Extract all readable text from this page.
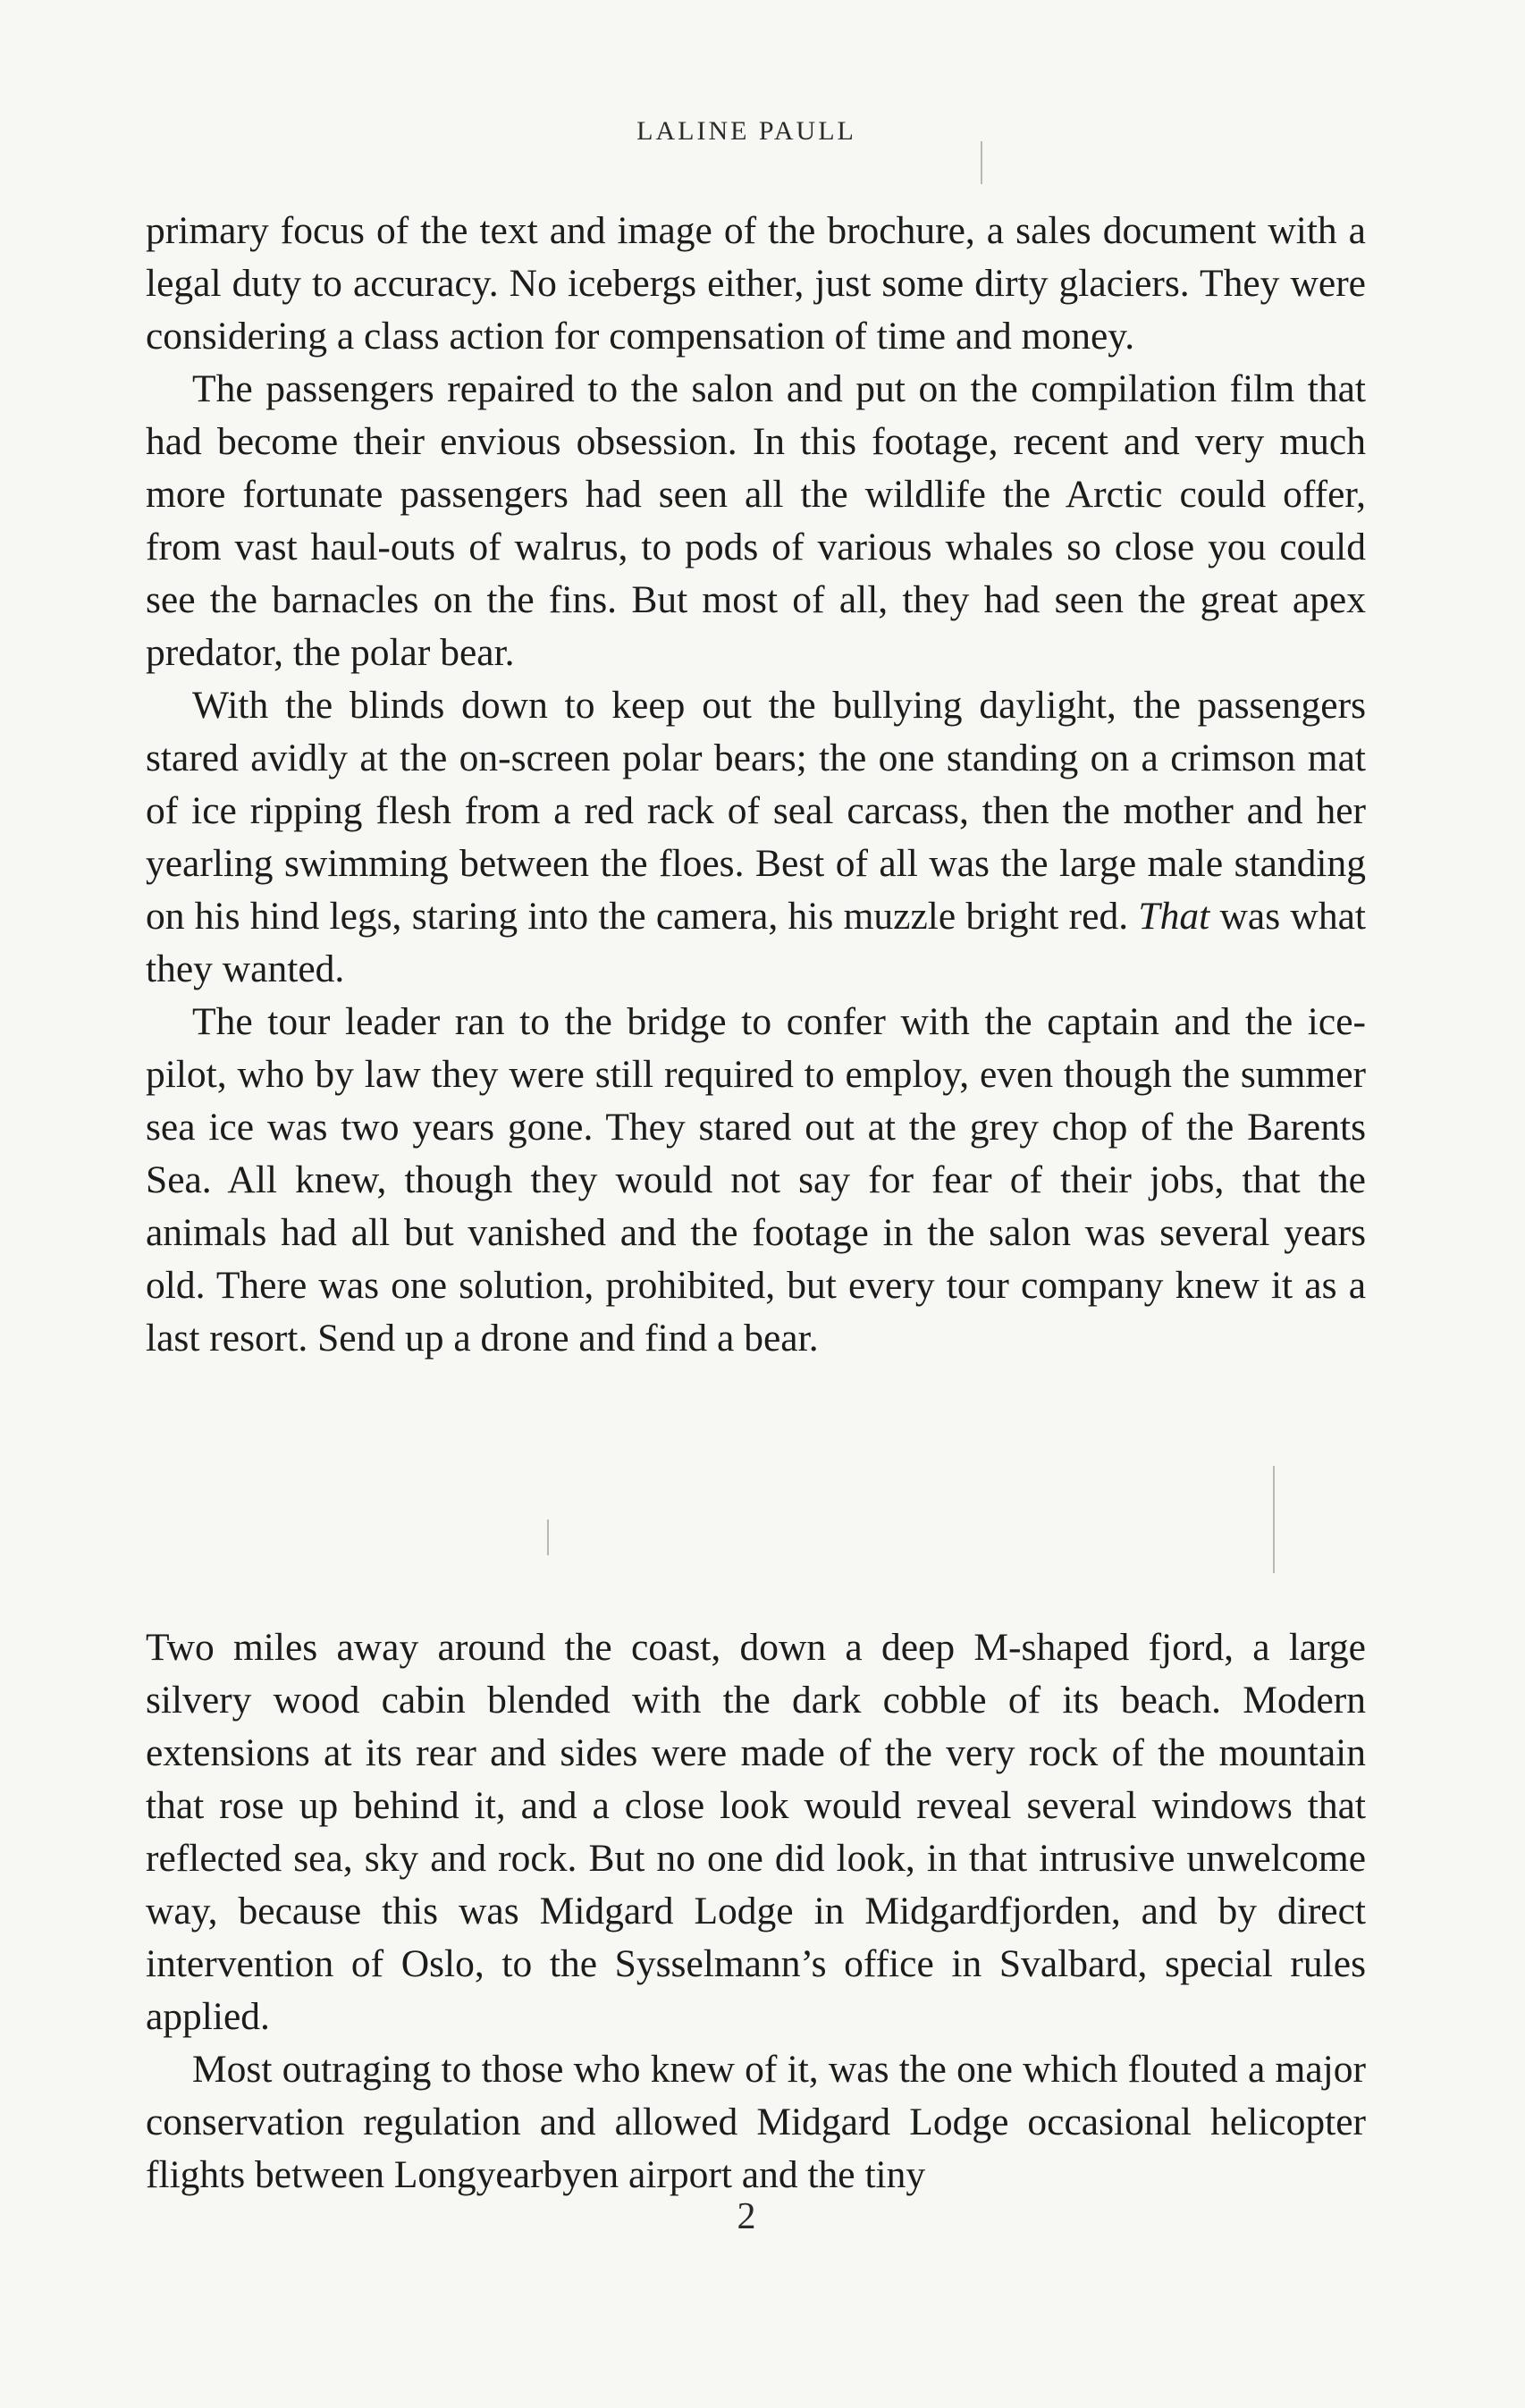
LALINE PAULL

primary focus of the text and image of the brochure, a sales document with a legal duty to accuracy. No icebergs either, just some dirty glaciers. They were considering a class action for compensation of time and money.

The passengers repaired to the salon and put on the compilation film that had become their envious obsession. In this footage, recent and very much more fortunate passengers had seen all the wildlife the Arctic could offer, from vast haul-outs of walrus, to pods of various whales so close you could see the barnacles on the fins. But most of all, they had seen the great apex predator, the polar bear.

With the blinds down to keep out the bullying daylight, the passengers stared avidly at the on-screen polar bears; the one standing on a crimson mat of ice ripping flesh from a red rack of seal carcass, then the mother and her yearling swimming between the floes. Best of all was the large male standing on his hind legs, staring into the camera, his muzzle bright red. That was what they wanted.

The tour leader ran to the bridge to confer with the captain and the ice-pilot, who by law they were still required to employ, even though the summer sea ice was two years gone. They stared out at the grey chop of the Barents Sea. All knew, though they would not say for fear of their jobs, that the animals had all but vanished and the footage in the salon was several years old. There was one solution, prohibited, but every tour company knew it as a last resort. Send up a drone and find a bear.

Two miles away around the coast, down a deep M-shaped fjord, a large silvery wood cabin blended with the dark cobble of its beach. Modern extensions at its rear and sides were made of the very rock of the mountain that rose up behind it, and a close look would reveal several windows that reflected sea, sky and rock. But no one did look, in that intrusive unwelcome way, because this was Midgard Lodge in Midgardfjorden, and by direct intervention of Oslo, to the Sysselmann’s office in Svalbard, special rules applied.

Most outraging to those who knew of it, was the one which flouted a major conservation regulation and allowed Midgard Lodge occasional helicopter flights between Longyearbyen airport and the tiny

2
